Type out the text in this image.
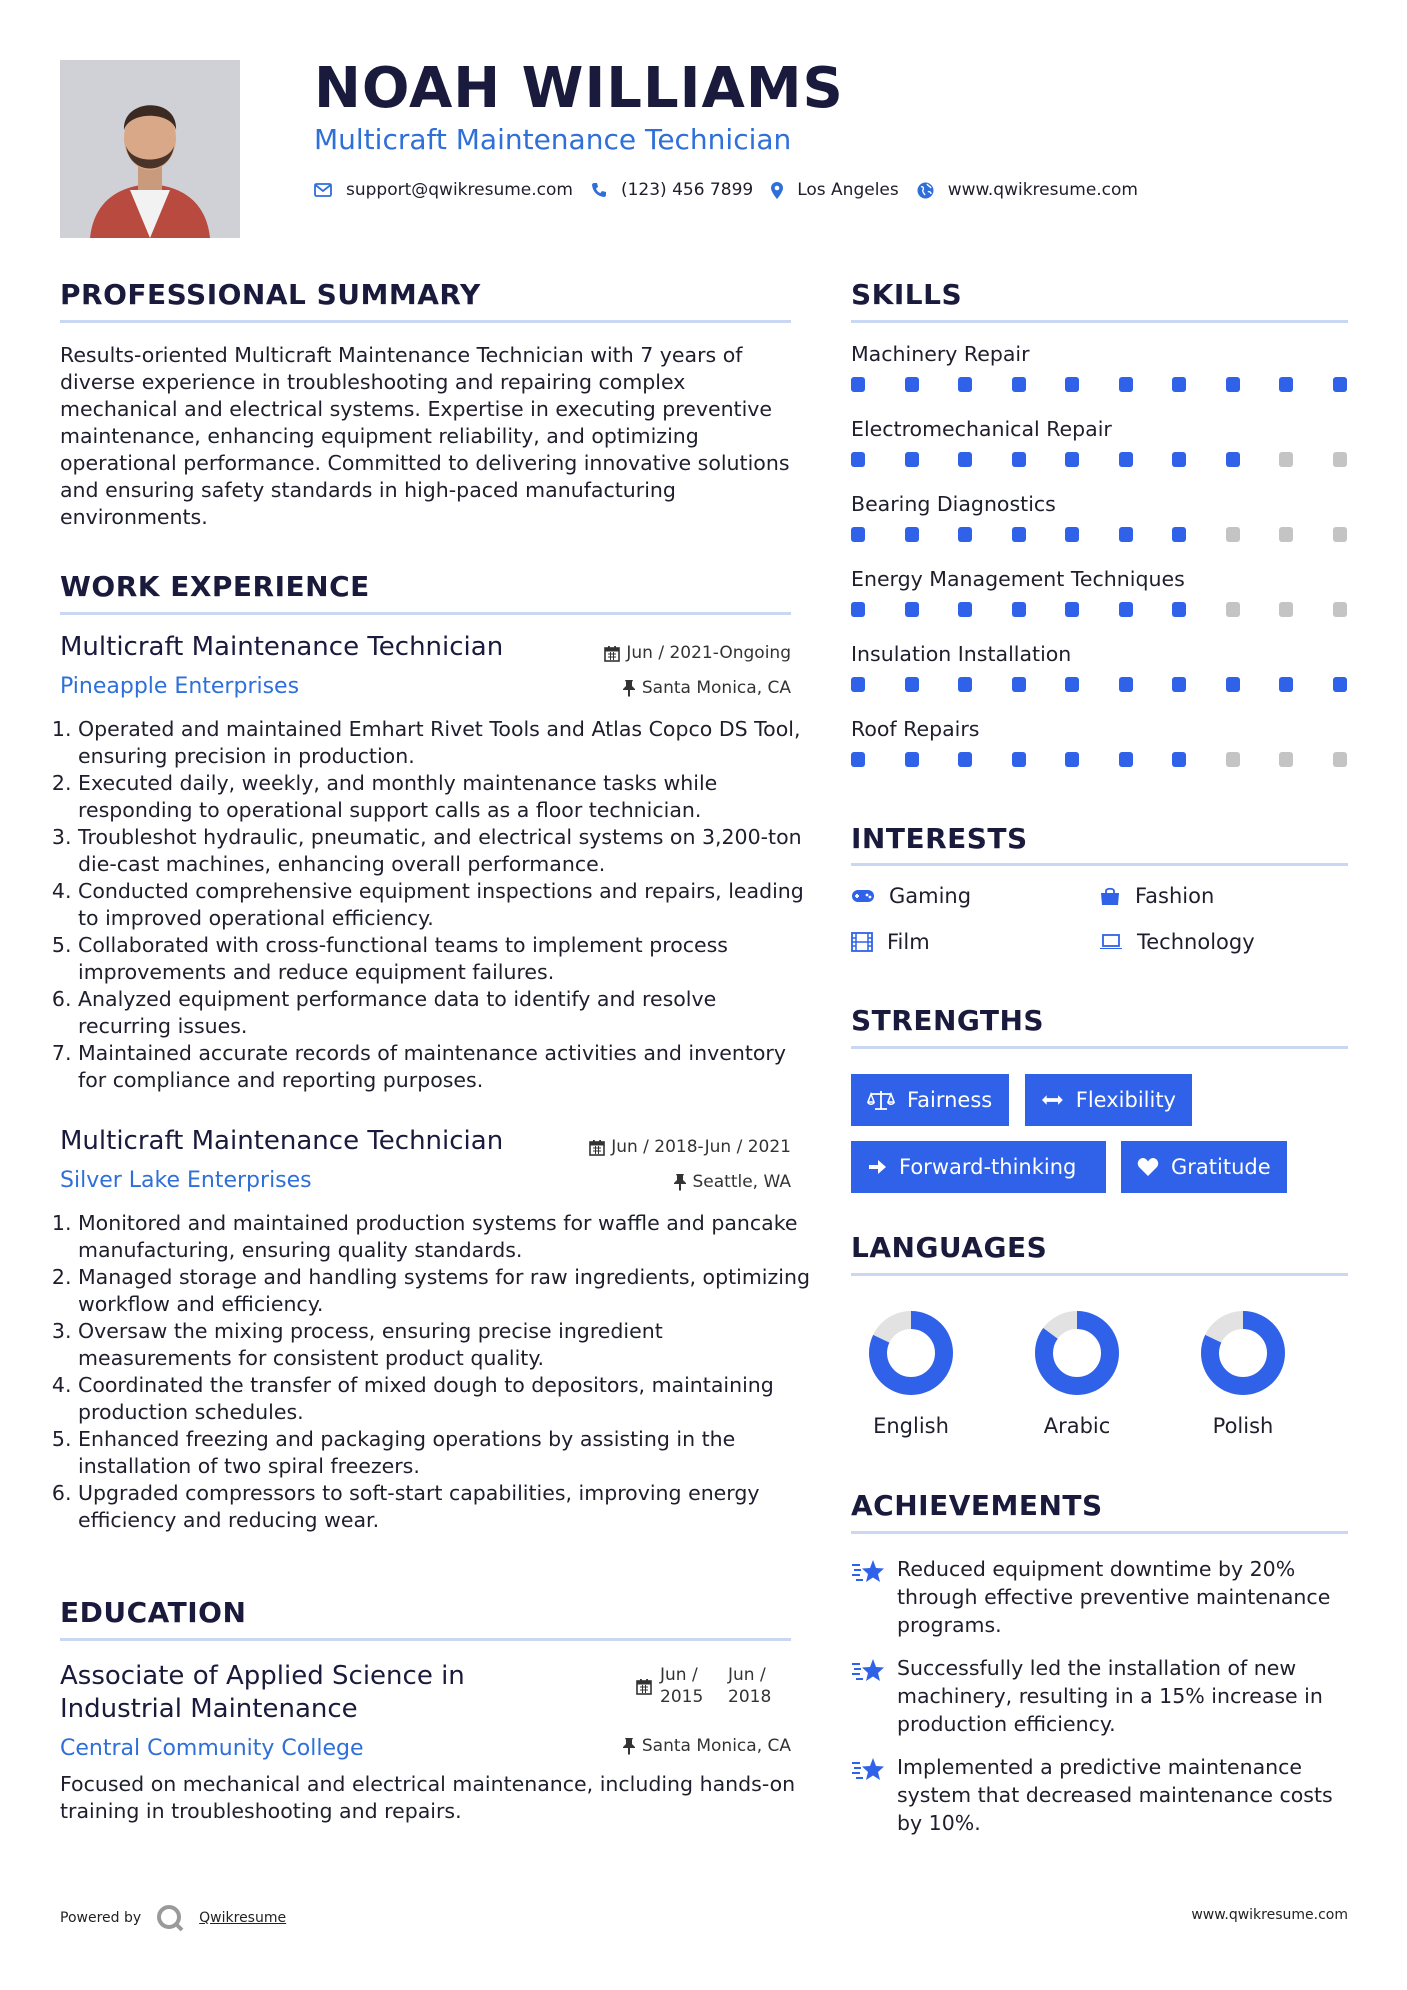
NOAH WILLIAMS
Multicraft Maintenance Technician
support@qwikresume.com	(123) 456 7899	Los Angeles	www.qwikresume.com
PROFESSIONAL SUMMARY
Results-oriented Multicraft Maintenance Technician with 7 years of diverse experience in troubleshooting and repairing complex mechanical and electrical systems. Expertise in executing preventive maintenance, enhancing equipment reliability, and optimizing operational performance. Committed to delivering innovative solutions and ensuring safety standards in high-paced manufacturing environments.
WORK EXPERIENCE
Multicraft Maintenance Technician	Jun / 2021-Ongoing
Pineapple Enterprises	Santa Monica, CA
1. Operated and maintained Emhart Rivet Tools and Atlas Copco DS Tool, ensuring precision in production.
2. Executed daily, weekly, and monthly maintenance tasks while responding to operational support calls as a floor technician.
3. Troubleshot hydraulic, pneumatic, and electrical systems on 3,200-ton die-cast machines, enhancing overall performance.
4. Conducted comprehensive equipment inspections and repairs, leading to improved operational efficiency.
5. Collaborated with cross-functional teams to implement process improvements and reduce equipment failures.
6. Analyzed equipment performance data to identify and resolve recurring issues.
7. Maintained accurate records of maintenance activities and inventory for compliance and reporting purposes.
Multicraft Maintenance Technician	Jun / 2018-Jun / 2021
Silver Lake Enterprises	Seattle, WA
1. Monitored and maintained production systems for waffle and pancake manufacturing, ensuring quality standards.
2. Managed storage and handling systems for raw ingredients, optimizing workflow and efficiency.
3. Oversaw the mixing process, ensuring precise ingredient measurements for consistent product quality.
4. Coordinated the transfer of mixed dough to depositors, maintaining production schedules.
5. Enhanced freezing and packaging operations by assisting in the installation of two spiral freezers.
6. Upgraded compressors to soft-start capabilities, improving energy efficiency and reducing wear.
EDUCATION
Associate of Applied Science in Industrial Maintenance
Jun / 2015
Jun / 2018
Central Community College	Santa Monica, CA
Focused on mechanical and electrical maintenance, including hands-on training in troubleshooting and repairs.
SKILLS
Machinery Repair
Electromechanical Repair
Bearing Diagnostics
Energy Management Techniques
Insulation Installation
Roof Repairs
INTERESTS
Gaming	Fashion
Film	Technology
STRENGTHS
Fairness	Flexibility
Forward-thinking	Gratitude
LANGUAGES
English	Arabic	Polish
ACHIEVEMENTS
Reduced equipment downtime by 20% through effective preventive maintenance programs.
Successfully led the installation of new machinery, resulting in a 15% increase in production efficiency.
Implemented a predictive maintenance system that decreased maintenance costs by 10%.
Powered by	Qwikresume	www.qwikresume.com
